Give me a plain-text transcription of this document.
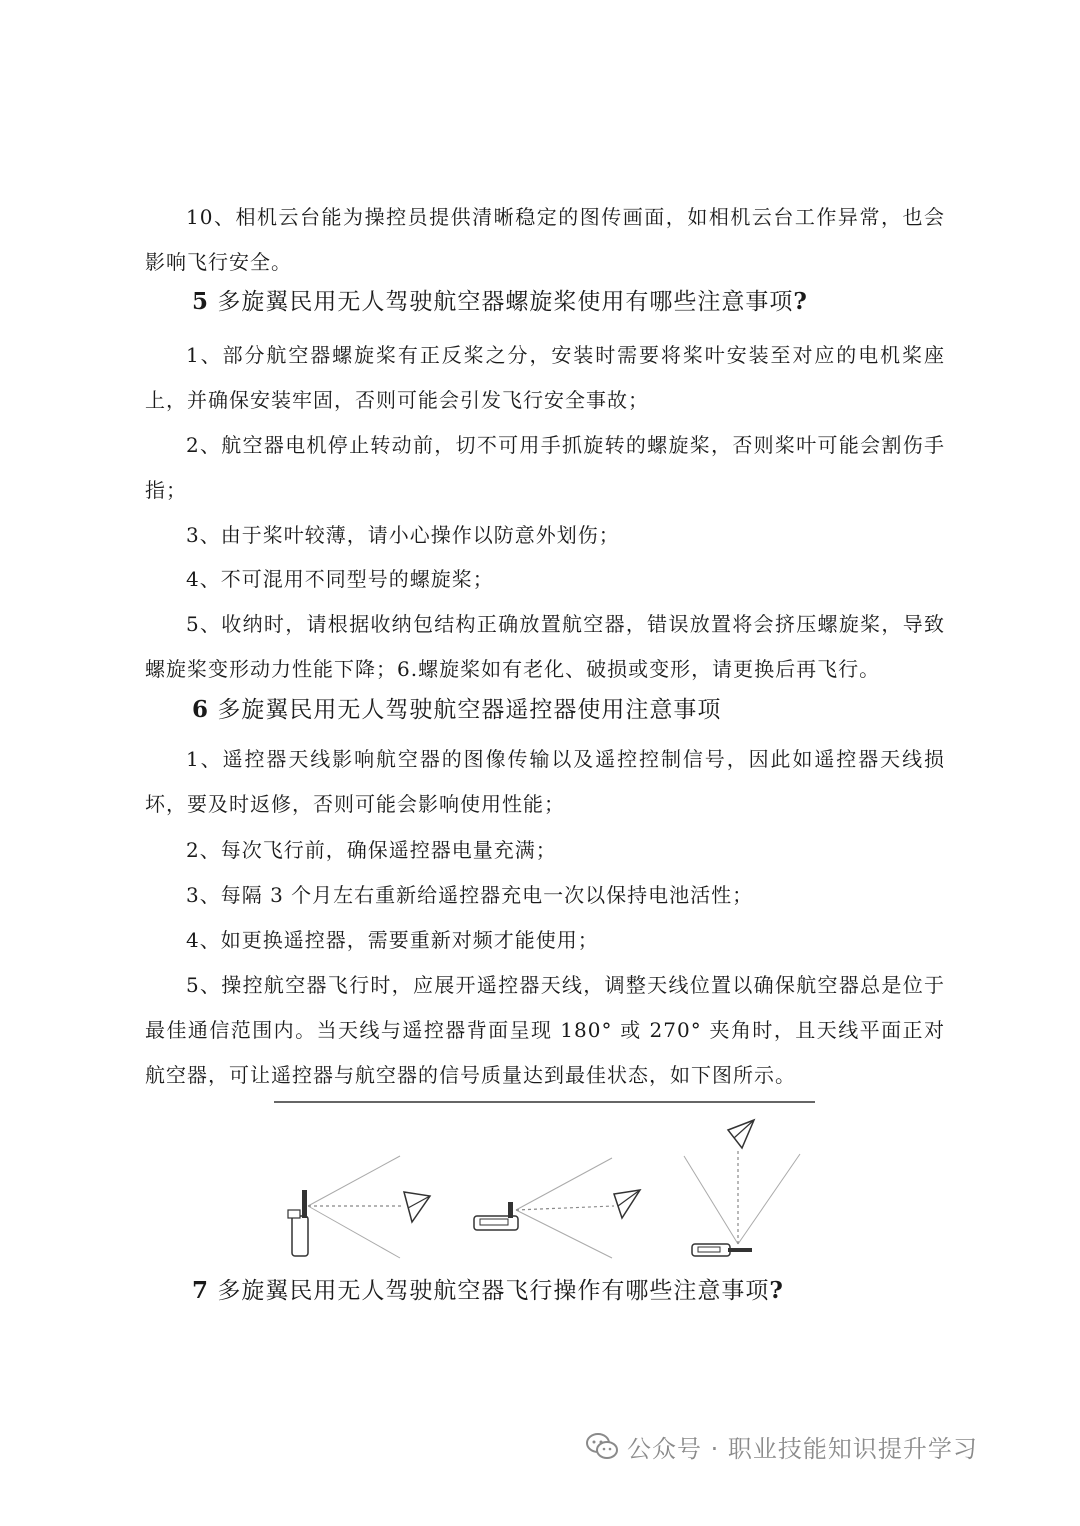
10、相机云台能为操控员提供清晰稳定的图传画面，如相机云台工作异常，也会影响飞行安全。

5 多旋翼民用无人驾驶航空器螺旋桨使用有哪些注意事项?

1、部分航空器螺旋桨有正反桨之分，安装时需要将桨叶安装至对应的电机桨座上，并确保安装牢固，否则可能会引发飞行安全事故；

2、航空器电机停止转动前，切不可用手抓旋转的螺旋桨，否则桨叶可能会割伤手指；

3、由于桨叶较薄，请小心操作以防意外划伤；

4、不可混用不同型号的螺旋桨；

5、收纳时，请根据收纳包结构正确放置航空器，错误放置将会挤压螺旋桨，导致螺旋桨变形动力性能下降；6.螺旋桨如有老化、破损或变形，请更换后再飞行。

6 多旋翼民用无人驾驶航空器遥控器使用注意事项

1、遥控器天线影响航空器的图像传输以及遥控控制信号，因此如遥控器天线损坏，要及时返修，否则可能会影响使用性能；

2、每次飞行前，确保遥控器电量充满；

3、每隔 3 个月左右重新给遥控器充电一次以保持电池活性；

4、如更换遥控器，需要重新对频才能使用；

5、操控航空器飞行时，应展开遥控器天线，调整天线位置以确保航空器总是位于最佳通信范围内。当天线与遥控器背面呈现 180° 或 270° 夹角时，且天线平面正对航空器，可让遥控器与航空器的信号质量达到最佳状态，如下图所示。

7 多旋翼民用无人驾驶航空器飞行操作有哪些注意事项?
公众号 · 职业技能知识提升学习
